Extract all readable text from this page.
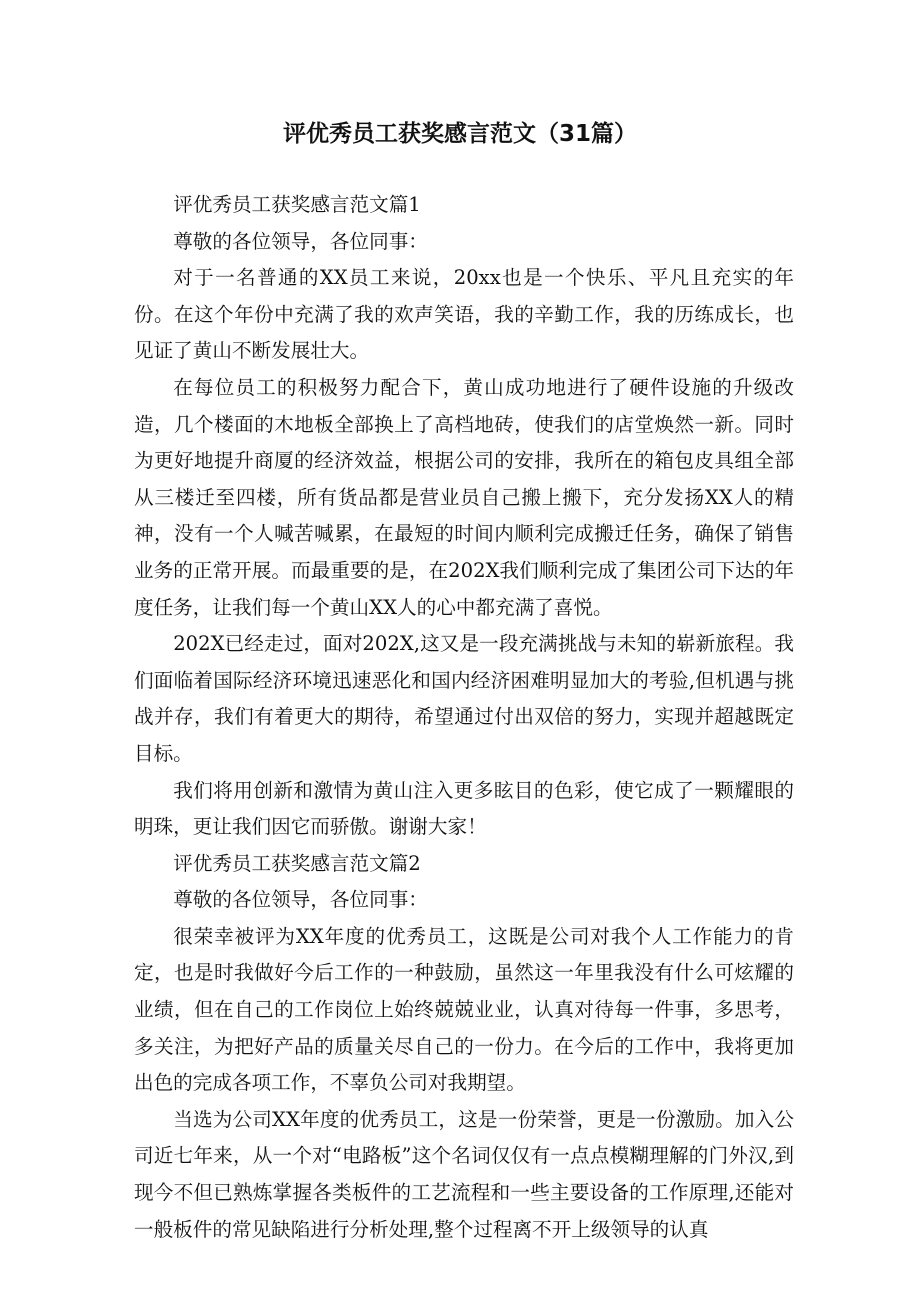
评优秀员工获奖感言范文（31篇）

评优秀员工获奖感言范文篇1

尊敬的各位领导，各位同事：

对于一名普通的XX员工来说，20xx也是一个快乐、平凡且充实的年份。在这个年份中充满了我的欢声笑语，我的辛勤工作，我的历练成长，也见证了黄山不断发展壮大。

在每位员工的积极努力配合下，黄山成功地进行了硬件设施的升级改造，几个楼面的木地板全部换上了高档地砖，使我们的店堂焕然一新。同时为更好地提升商厦的经济效益，根据公司的安排，我所在的箱包皮具组全部从三楼迁至四楼，所有货品都是营业员自己搬上搬下，充分发扬XX人的精神，没有一个人喊苦喊累，在最短的时间内顺利完成搬迁任务，确保了销售业务的正常开展。而最重要的是，在202X我们顺利完成了集团公司下达的年度任务，让我们每一个黄山XX人的心中都充满了喜悦。

202X已经走过，面对202X,这又是一段充满挑战与未知的崭新旅程。我们面临着国际经济环境迅速恶化和国内经济困难明显加大的考验,但机遇与挑战并存，我们有着更大的期待，希望通过付出双倍的努力，实现并超越既定目标。

我们将用创新和激情为黄山注入更多眩目的色彩，使它成了一颗耀眼的明珠，更让我们因它而骄傲。谢谢大家！

评优秀员工获奖感言范文篇2

尊敬的各位领导，各位同事：

很荣幸被评为XX年度的优秀员工，这既是公司对我个人工作能力的肯定，也是时我做好今后工作的一种鼓励，虽然这一年里我没有什么可炫耀的业绩，但在自己的工作岗位上始终兢兢业业，认真对待每一件事，多思考，多关注，为把好产品的质量关尽自己的一份力。在今后的工作中，我将更加出色的完成各项工作，不辜负公司对我期望。

当选为公司XX年度的优秀员工，这是一份荣誉，更是一份激励。加入公司近七年来，从一个对“电路板”这个名词仅仅有一点点模糊理解的门外汉,到现今不但已熟炼掌握各类板件的工艺流程和一些主要设备的工作原理,还能对一般板件的常见缺陷进行分析处理,整个过程离不开上级领导的认真
